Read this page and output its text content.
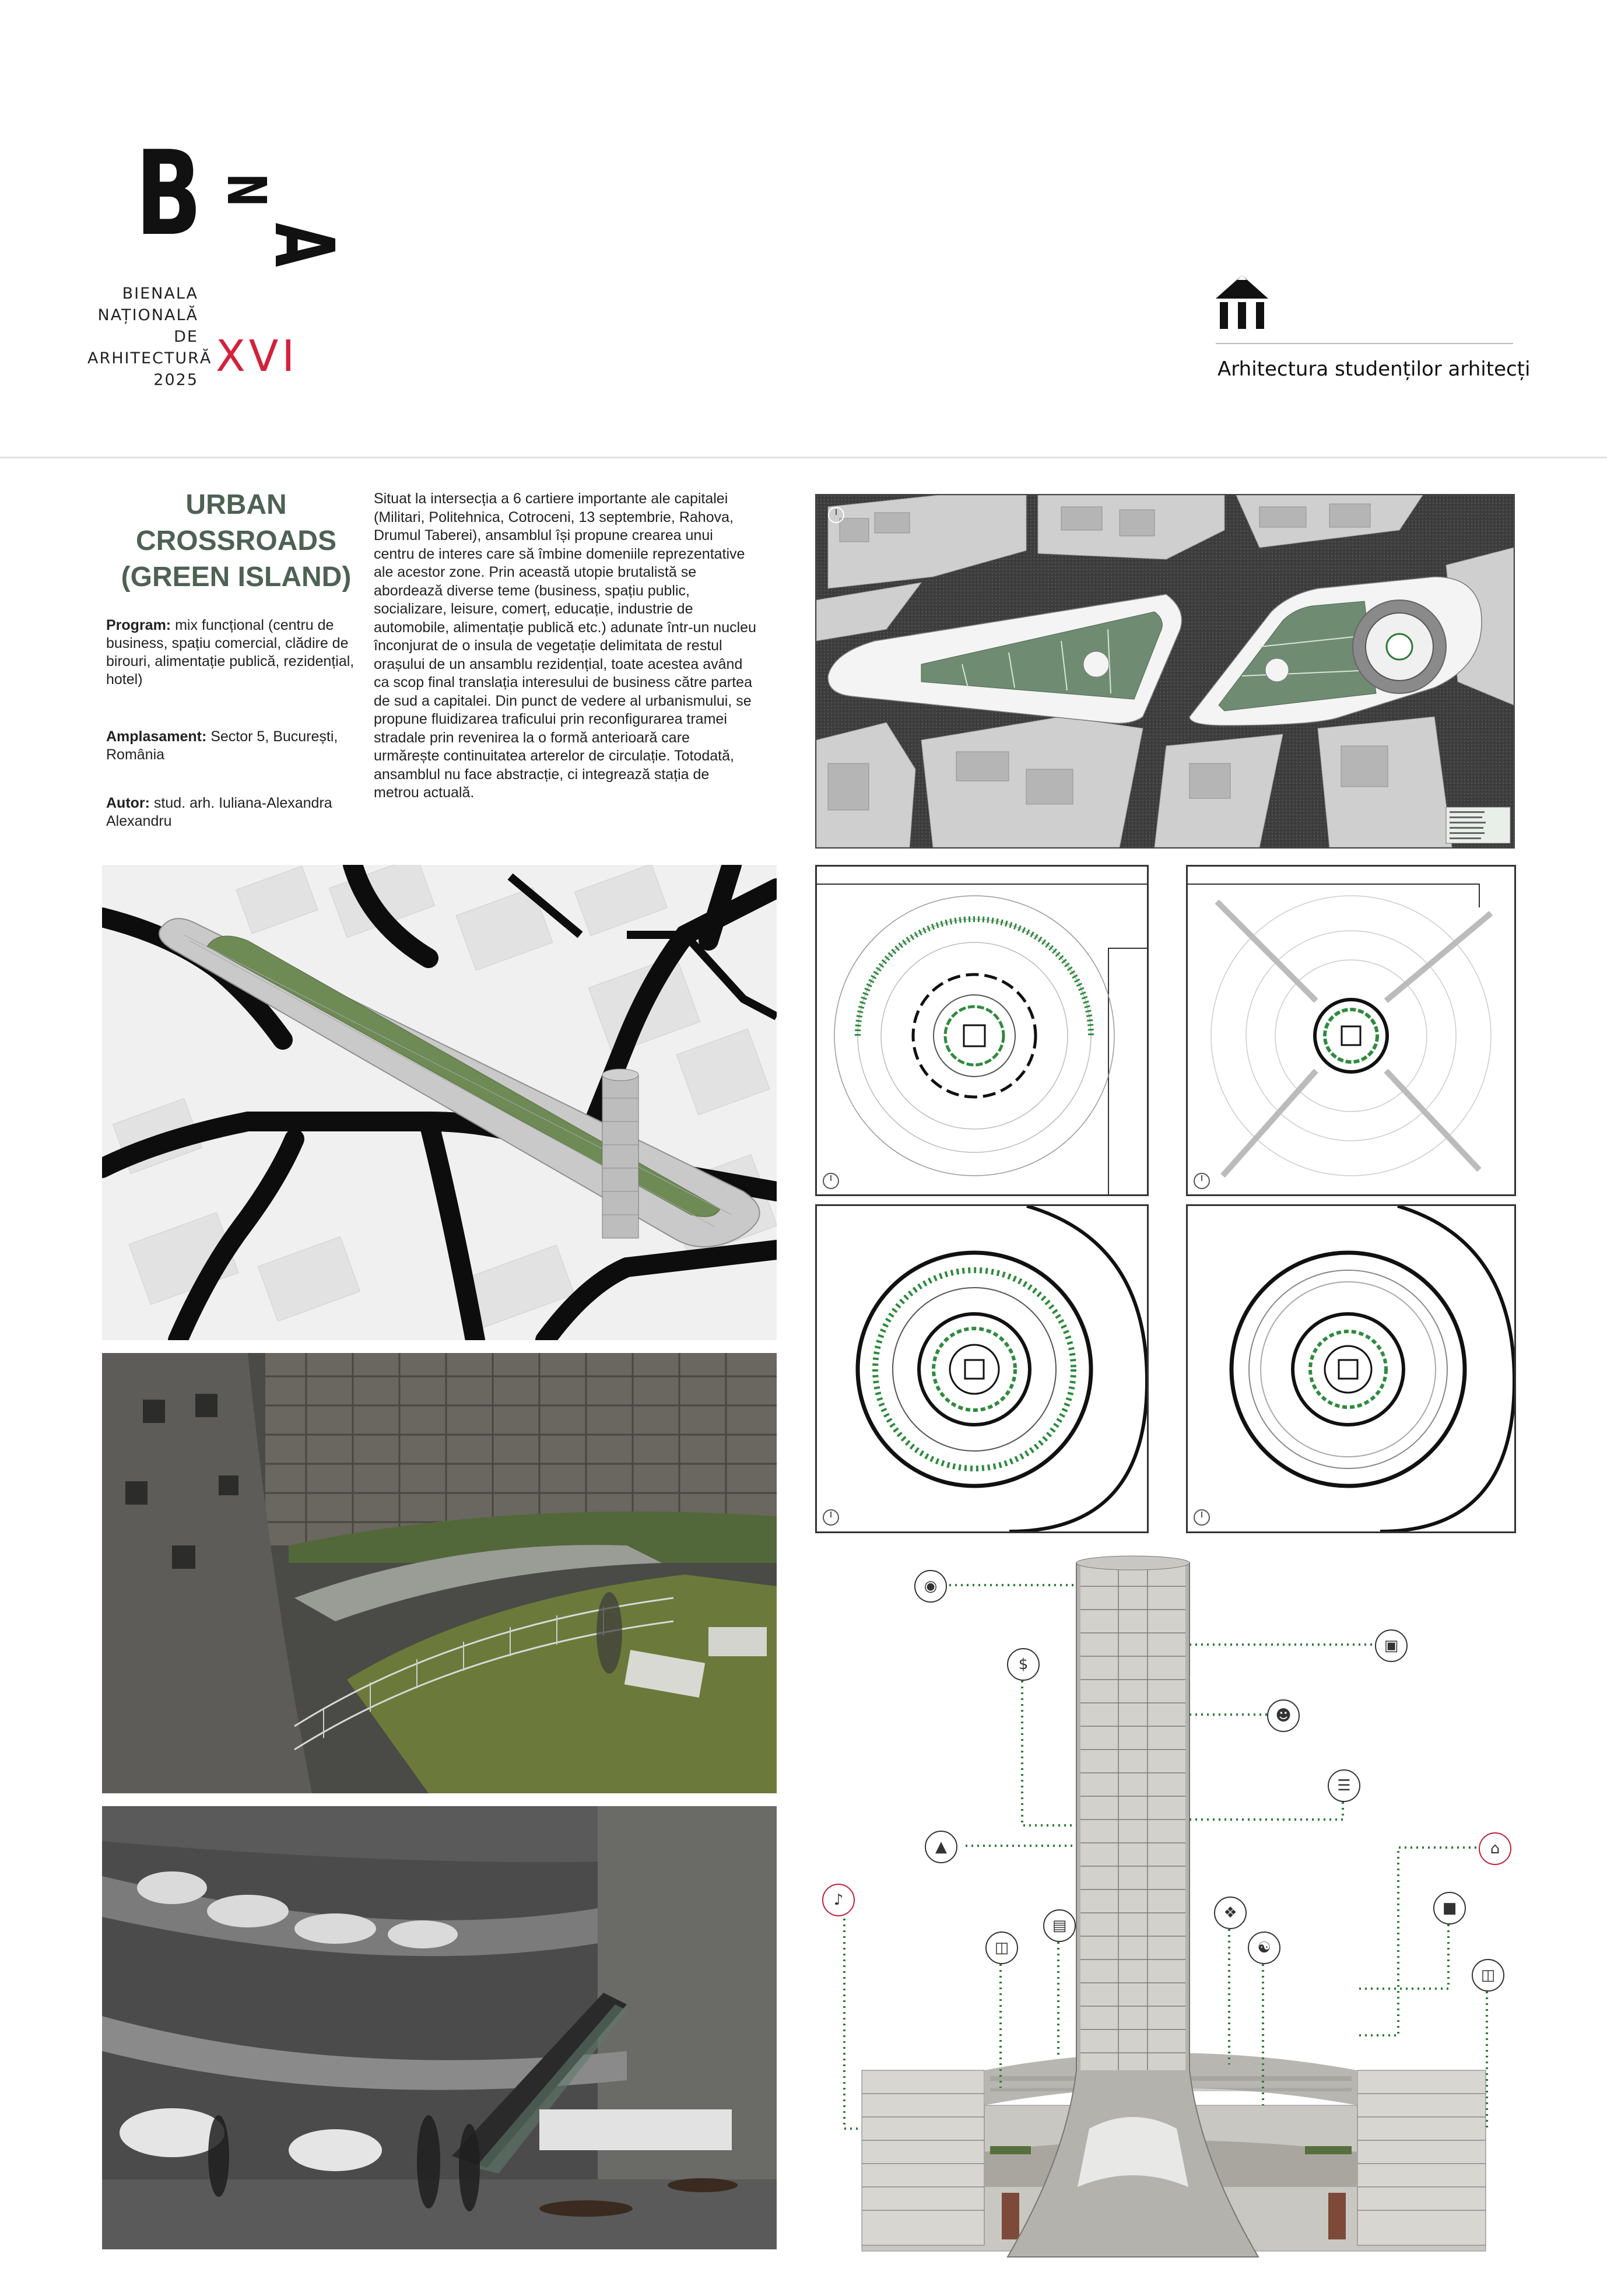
B N
A
BIENALA
NAȚIONALĂ
DE
ARHITECTURĂ
2025 XVI	Arhitectura studenților arhitecți
URBAN
CROSSROADS
(GREEN ISLAND)
Program: mix funcțional (centru de business, spațiu comercial, clădire de birouri, alimentație publică, rezidențial, hotel)
Amplasament: Sector 5, București, România
Autor: stud. arh. Iuliana-Alexandra Alexandru
Situat la intersecția a 6 cartiere importante ale capitalei (Militari, Politehnica, Cotroceni, 13 septembrie, Rahova, Drumul Taberei), ansamblul își propune crearea unui centru de interes care să îmbine domeniile reprezentative ale acestor zone. Prin această utopie brutalistă se abordează diverse teme (business, spațiu public, socializare, leisure, comerț, educație, industrie de automobile, alimentație publică etc.) adunate într-un nucleu înconjurat de o insula de vegetație delimitata de restul orașului de un ansamblu rezidențial, toate acestea având ca scop final translația interesului de business către partea de sud a capitalei. Din punct de vedere al urbanismului, se propune fluidizarea traficului prin reconfigurarea tramei stradale prin revenirea la o formă anterioară care urmărește continuitatea arterelor de circulație. Totodată, ansamblul nu face abstracție, ci integrează stația de metrou actuală.
◉
▣
$
☻
☰
▲	⌂
♪	■
◫
▤
❖
☯
◫
